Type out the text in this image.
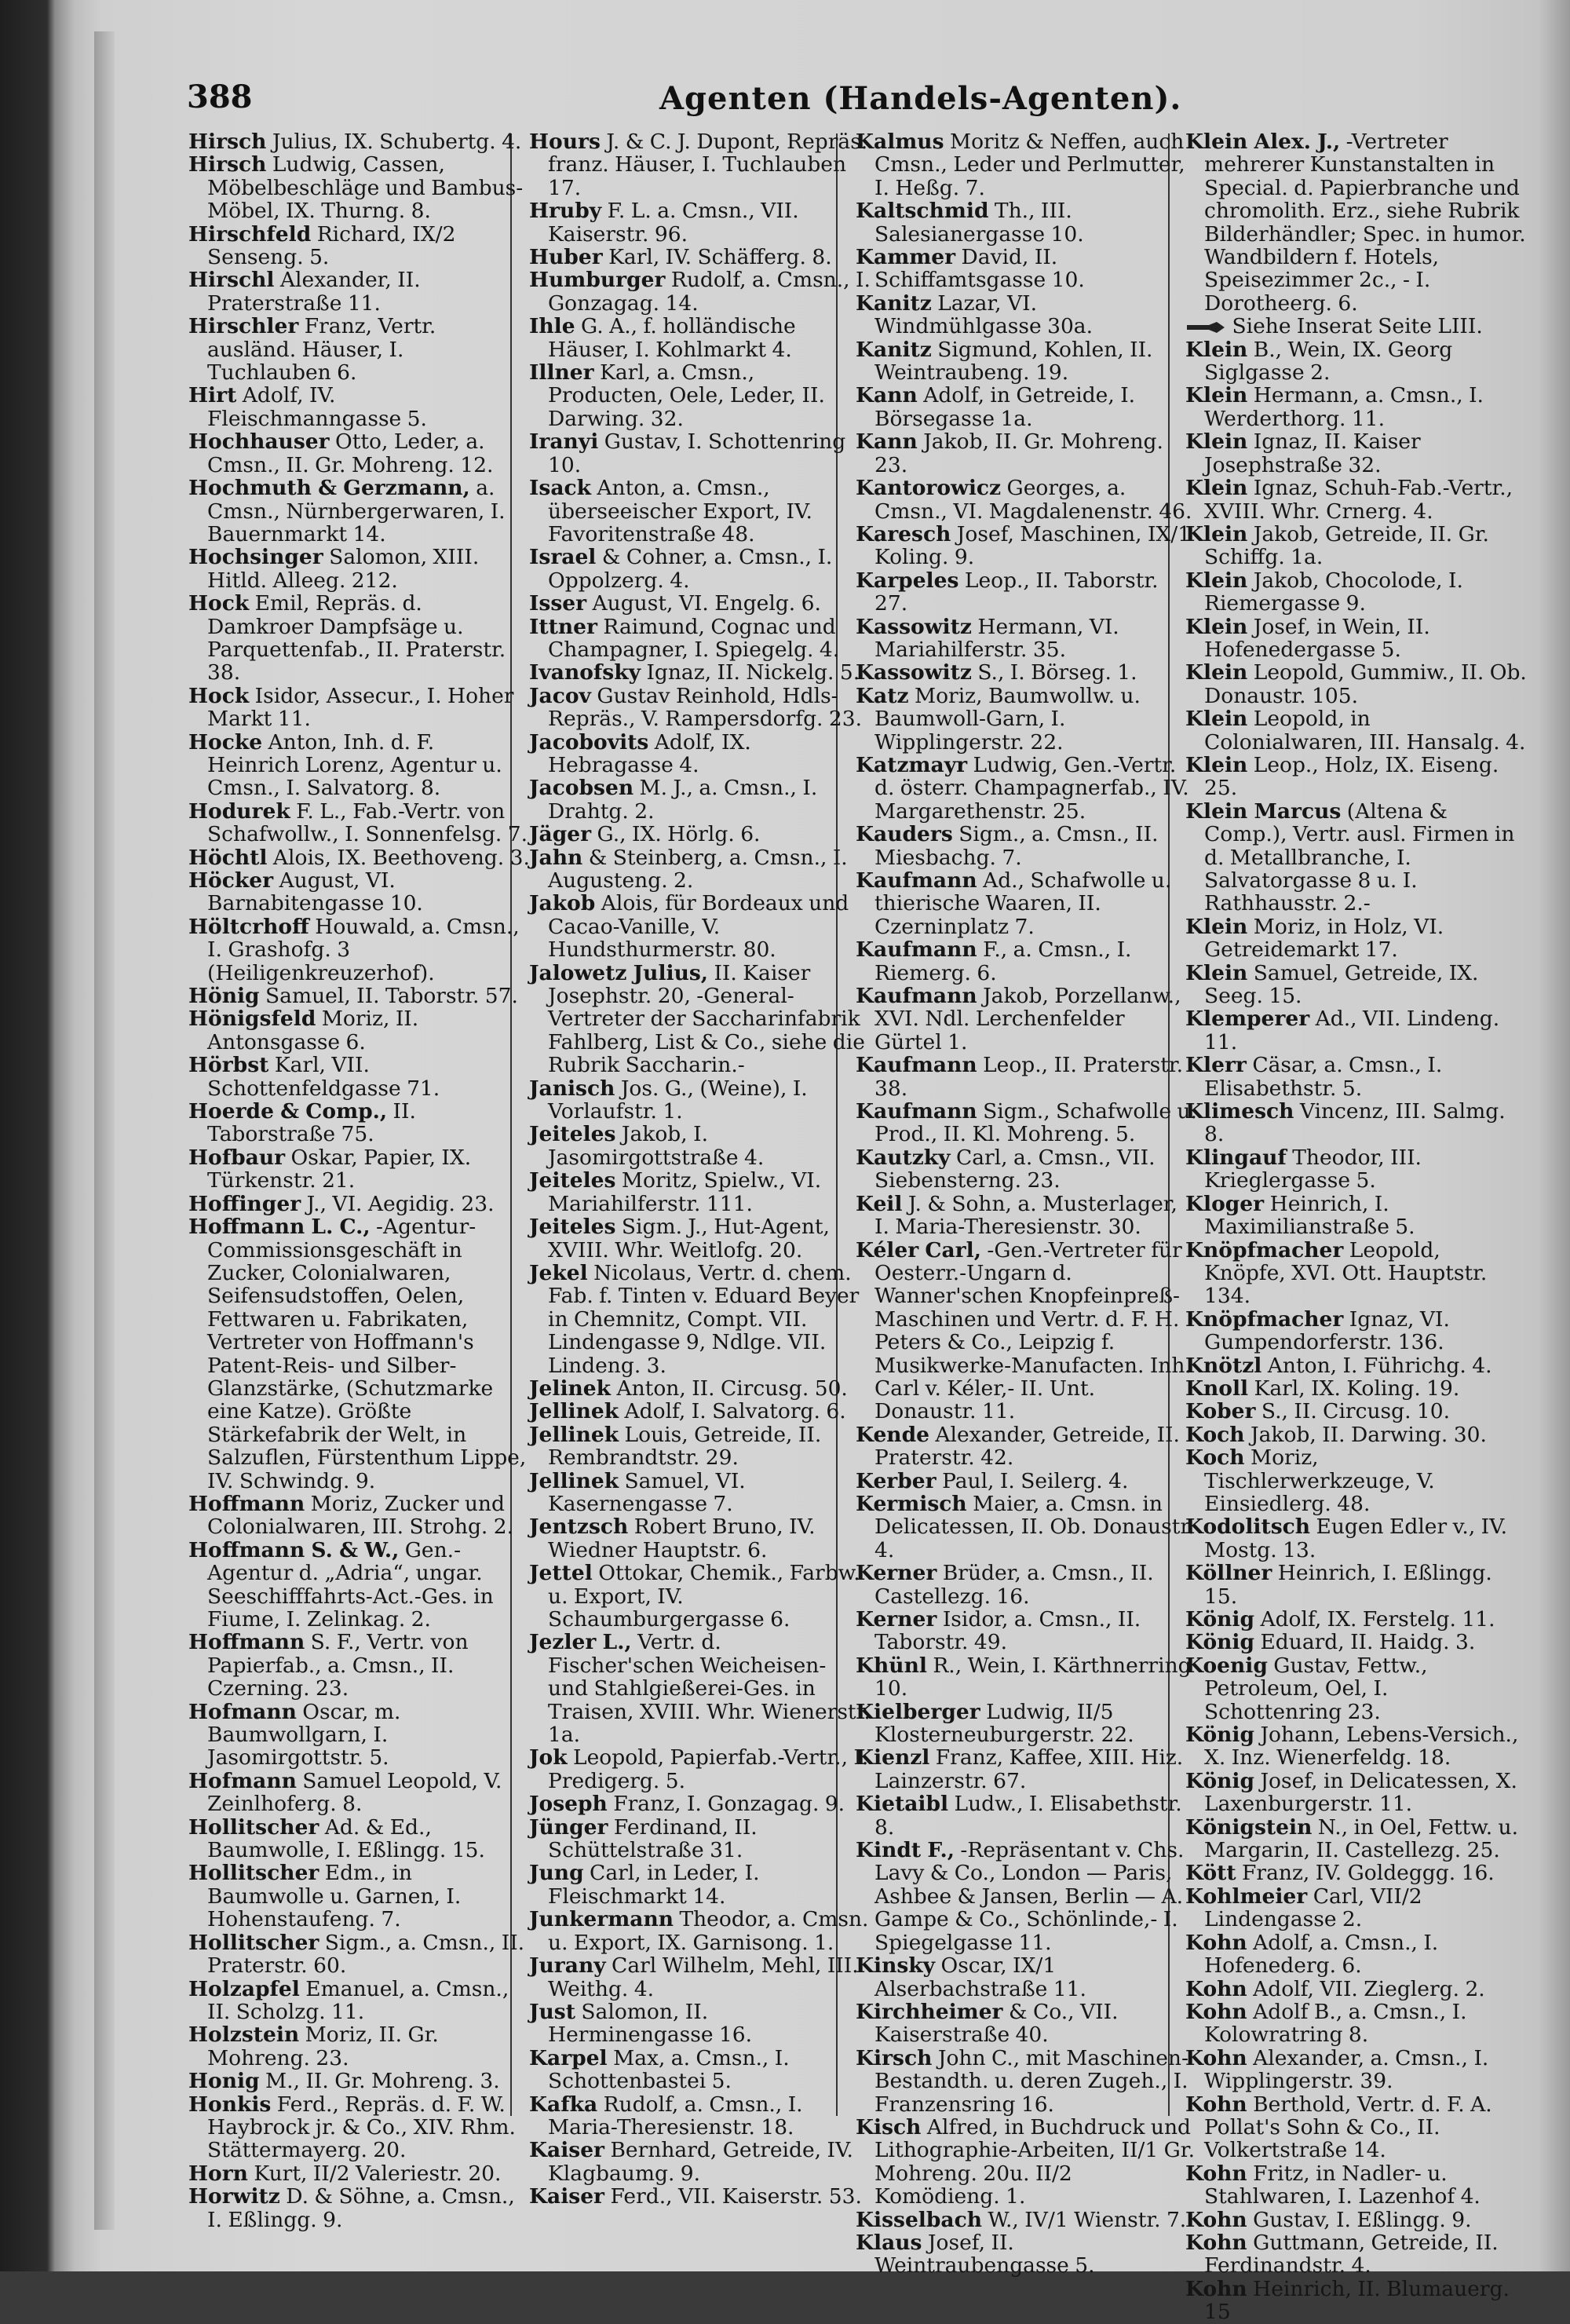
388	Agenten (Handels-Agenten).

Hirsch Julius, IX. Schubertg. 4.

Hirsch Ludwig, Cassen, Möbelbeschläge und Bambus-Möbel, IX. Thurng. 8.

Hirschfeld Richard, IX/2 Senseng. 5.

Hirschl Alexander, II. Praterstraße 11.

Hirschler Franz, Vertr. ausländ. Häuser, I. Tuchlauben 6.

Hirt Adolf, IV. Fleischmanngasse 5.

Hochhauser Otto, Leder, a. Cmsn., II. Gr. Mohreng. 12.

Hochmuth & Gerzmann, a. Cmsn., Nürnbergerwaren, I. Bauernmarkt 14.

Hochsinger Salomon, XIII. Hitld. Alleeg. 212.

Hock Emil, Repräs. d. Damkroer Dampfsäge u. Parquettenfab., II. Praterstr. 38.

Hock Isidor, Assecur., I. Hoher Markt 11.

Hocke Anton, Inh. d. F. Heinrich Lorenz, Agentur u. Cmsn., I. Salvatorg. 8.

Hodurek F. L., Fab.-Vertr. von Schafwollw., I. Sonnenfelsg. 7.

Höchtl Alois, IX. Beethoveng. 3.

Höcker August, VI. Barnabitengasse 10.

Höltcrhoff Houwald, a. Cmsn., I. Grashofg. 3 (Heiligenkreuzerhof).

Hönig Samuel, II. Taborstr. 57.

Hönigsfeld Moriz, II. Antonsgasse 6.

Hörbst Karl, VII. Schottenfeldgasse 71.

Hoerde & Comp., II. Taborstraße 75.

Hofbaur Oskar, Papier, IX. Türkenstr. 21.

Hoffinger J., VI. Aegidig. 23.

Hoffmann L. C., -Agentur-Commissionsgeschäft in Zucker, Colonialwaren, Seifensudstoffen, Oelen, Fettwaren u. Fabrikaten, Vertreter von Hoffmann's Patent-Reis- und Silber-Glanzstärke, (Schutzmarke eine Katze). Größte Stärkefabrik der Welt, in Salzuflen, Fürstenthum Lippe, IV. Schwindg. 9.

Hoffmann Moriz, Zucker und Colonialwaren, III. Strohg. 2.

Hoffmann S. & W., Gen.-Agentur d. „Adria“, ungar. Seeschifffahrts-Act.-Ges. in Fiume, I. Zelinkag. 2.

Hoffmann S. F., Vertr. von Papierfab., a. Cmsn., II. Czerning. 23.

Hofmann Oscar, m. Baumwollgarn, I. Jasomirgottstr. 5.

Hofmann Samuel Leopold, V. Zeinlhoferg. 8.

Hollitscher Ad. & Ed., Baumwolle, I. Eßlingg. 15.

Hollitscher Edm., in Baumwolle u. Garnen, I. Hohenstaufeng. 7.

Hollitscher Sigm., a. Cmsn., II. Praterstr. 60.

Holzapfel Emanuel, a. Cmsn., II. Scholzg. 11.

Holzstein Moriz, II. Gr. Mohreng. 23.

Honig M., II. Gr. Mohreng. 3.

Honkis Ferd., Repräs. d. F. W. Haybrock jr. & Co., XIV. Rhm. Stättermayerg. 20.

Horn Kurt, II/2 Valeriestr. 20.

Horwitz D. & Söhne, a. Cmsn., I. Eßlingg. 9.

Hours J. & C. J. Dupont, Repräs. franz. Häuser, I. Tuchlauben 17.

Hruby F. L. a. Cmsn., VII. Kaiserstr. 96.

Huber Karl, IV. Schäfferg. 8.

Humburger Rudolf, a. Cmsn., I. Gonzagag. 14.

Ihle G. A., f. holländische Häuser, I. Kohlmarkt 4.

Illner Karl, a. Cmsn., Producten, Oele, Leder, II. Darwing. 32.

Iranyi Gustav, I. Schottenring 10.

Isack Anton, a. Cmsn., überseeischer Export, IV. Favoritenstraße 48.

Israel & Cohner, a. Cmsn., I. Oppolzerg. 4.

Isser August, VI. Engelg. 6.

Ittner Raimund, Cognac und Champagner, I. Spiegelg. 4.

Ivanofsky Ignaz, II. Nickelg. 5.

Jacov Gustav Reinhold, Hdls-Repräs., V. Rampersdorfg. 23.

Jacobovits Adolf, IX. Hebragasse 4.

Jacobsen M. J., a. Cmsn., I. Drahtg. 2.

Jäger G., IX. Hörlg. 6.

Jahn & Steinberg, a. Cmsn., I. Augusteng. 2.

Jakob Alois, für Bordeaux und Cacao-Vanille, V. Hundsthurmerstr. 80.

Jalowetz Julius, II. Kaiser Josephstr. 20, -General-Vertreter der Saccharinfabrik Fahlberg, List & Co., siehe die Rubrik Saccharin.-

Janisch Jos. G., (Weine), I. Vorlaufstr. 1.

Jeiteles Jakob, I. Jasomirgottstraße 4.

Jeiteles Moritz, Spielw., VI. Mariahilferstr. 111.

Jeiteles Sigm. J., Hut-Agent, XVIII. Whr. Weitlofg. 20.

Jekel Nicolaus, Vertr. d. chem. Fab. f. Tinten v. Eduard Beyer in Chemnitz, Compt. VII. Lindengasse 9, Ndlge. VII. Lindeng. 3.

Jelinek Anton, II. Circusg. 50.

Jellinek Adolf, I. Salvatorg. 6.

Jellinek Louis, Getreide, II. Rembrandtstr. 29.

Jellinek Samuel, VI. Kasernengasse 7.

Jentzsch Robert Bruno, IV. Wiedner Hauptstr. 6.

Jettel Ottokar, Chemik., Farbw. u. Export, IV. Schaumburgergasse 6.

Jezler L., Vertr. d. Fischer'schen Weicheisen- und Stahlgießerei-Ges. in Traisen, XVIII. Whr. Wienerstr. 1a.

Jok Leopold, Papierfab.-Vertr., I. Predigerg. 5.

Joseph Franz, I. Gonzagag. 9.

Jünger Ferdinand, II. Schüttelstraße 31.

Jung Carl, in Leder, I. Fleischmarkt 14.

Junkermann Theodor, a. Cmsn. u. Export, IX. Garnisong. 1.

Jurany Carl Wilhelm, Mehl, III. Weithg. 4.

Just Salomon, II. Herminengasse 16.

Karpel Max, a. Cmsn., I. Schottenbastei 5.

Kafka Rudolf, a. Cmsn., I. Maria-Theresienstr. 18.

Kaiser Bernhard, Getreide, IV. Klagbaumg. 9.

Kaiser Ferd., VII. Kaiserstr. 53.

Kalmus Moritz & Neffen, auch Cmsn., Leder und Perlmutter, I. Heßg. 7.

Kaltschmid Th., III. Salesianergasse 10.

Kammer David, II. Schiffamtsgasse 10.

Kanitz Lazar, VI. Windmühlgasse 30a.

Kanitz Sigmund, Kohlen, II. Weintraubeng. 19.

Kann Adolf, in Getreide, I. Börsegasse 1a.

Kann Jakob, II. Gr. Mohreng. 23.

Kantorowicz Georges, a. Cmsn., VI. Magdalenenstr. 46.

Karesch Josef, Maschinen, IX/1 Koling. 9.

Karpeles Leop., II. Taborstr. 27.

Kassowitz Hermann, VI. Mariahilferstr. 35.

Kassowitz S., I. Börseg. 1.

Katz Moriz, Baumwollw. u. Baumwoll-Garn, I. Wipplingerstr. 22.

Katzmayr Ludwig, Gen.-Vertr. d. österr. Champagnerfab., IV. Margarethenstr. 25.

Kauders Sigm., a. Cmsn., II. Miesbachg. 7.

Kaufmann Ad., Schafwolle u. thierische Waaren, II. Czerninplatz 7.

Kaufmann F., a. Cmsn., I. Riemerg. 6.

Kaufmann Jakob, Porzellanw., XVI. Ndl. Lerchenfelder Gürtel 1.

Kaufmann Leop., II. Praterstr. 38.

Kaufmann Sigm., Schafwolle u. Prod., II. Kl. Mohreng. 5.

Kautzky Carl, a. Cmsn., VII. Siebensterng. 23.

Keil J. & Sohn, a. Musterlager, I. Maria-Theresienstr. 30.

Kéler Carl, -Gen.-Vertreter für Oesterr.-Ungarn d. Wanner'schen Knopfeinpreß-Maschinen und Vertr. d. F. H. Peters & Co., Leipzig f. Musikwerke-Manufacten. Inh. Carl v. Kéler,- II. Unt. Donaustr. 11.

Kende Alexander, Getreide, II. Praterstr. 42.

Kerber Paul, I. Seilerg. 4.

Kermisch Maier, a. Cmsn. in Delicatessen, II. Ob. Donaustr. 4.

Kerner Brüder, a. Cmsn., II. Castellezg. 16.

Kerner Isidor, a. Cmsn., II. Taborstr. 49.

Khünl R., Wein, I. Kärthnerring 10.

Kielberger Ludwig, II/5 Klosterneuburgerstr. 22.

Kienzl Franz, Kaffee, XIII. Hiz. Lainzerstr. 67.

Kietaibl Ludw., I. Elisabethstr. 8.

Kindt F., -Repräsentant v. Chs. Lavy & Co., London — Paris, Ashbee & Jansen, Berlin — A. Gampe & Co., Schönlinde,- I. Spiegelgasse 11.

Kinsky Oscar, IX/1 Alserbachstraße 11.

Kirchheimer & Co., VII. Kaiserstraße 40.

Kirsch John C., mit Maschinen-Bestandth. u. deren Zugeh., I. Franzensring 16.

Kisch Alfred, in Buchdruck und Lithographie-Arbeiten, II/1 Gr. Mohreng. 20u. II/2 Komödieng. 1.

Kisselbach W., IV/1 Wienstr. 7.

Klaus Josef, II. Weintraubengasse 5.

Klein Alex. J., -Vertreter mehrerer Kunstanstalten in Special. d. Papierbranche und chromolith. Erz., siehe Rubrik Bilderhändler; Spec. in humor. Wandbildern f. Hotels, Speisezimmer 2c., - I. Dorotheerg. 6.

Siehe Inserat Seite LIII.

Klein B., Wein, IX. Georg Siglgasse 2.

Klein Hermann, a. Cmsn., I. Werderthorg. 11.

Klein Ignaz, II. Kaiser Josephstraße 32.

Klein Ignaz, Schuh-Fab.-Vertr., XVIII. Whr. Crnerg. 4.

Klein Jakob, Getreide, II. Gr. Schiffg. 1a.

Klein Jakob, Chocolode, I. Riemergasse 9.

Klein Josef, in Wein, II. Hofenedergasse 5.

Klein Leopold, Gummiw., II. Ob. Donaustr. 105.

Klein Leopold, in Colonialwaren, III. Hansalg. 4.

Klein Leop., Holz, IX. Eiseng. 25.

Klein Marcus (Altena & Comp.), Vertr. ausl. Firmen in d. Metallbranche, I. Salvatorgasse 8 u. I. Rathhausstr. 2.-

Klein Moriz, in Holz, VI. Getreidemarkt 17.

Klein Samuel, Getreide, IX. Seeg. 15.

Klemperer Ad., VII. Lindeng. 11.

Klerr Cäsar, a. Cmsn., I. Elisabethstr. 5.

Klimesch Vincenz, III. Salmg. 8.

Klingauf Theodor, III. Krieglergasse 5.

Kloger Heinrich, I. Maximilianstraße 5.

Knöpfmacher Leopold, Knöpfe, XVI. Ott. Hauptstr. 134.

Knöpfmacher Ignaz, VI. Gumpendorferstr. 136.

Knötzl Anton, I. Führichg. 4.

Knoll Karl, IX. Koling. 19.

Kober S., II. Circusg. 10.

Koch Jakob, II. Darwing. 30.

Koch Moriz, Tischlerwerkzeuge, V. Einsiedlerg. 48.

Kodolitsch Eugen Edler v., IV. Mostg. 13.

Köllner Heinrich, I. Eßlingg. 15.

König Adolf, IX. Ferstelg. 11.

König Eduard, II. Haidg. 3.

Koenig Gustav, Fettw., Petroleum, Oel, I. Schottenring 23.

König Johann, Lebens-Versich., X. Inz. Wienerfeldg. 18.

König Josef, in Delicatessen, X. Laxenburgerstr. 11.

Königstein N., in Oel, Fettw. u. Margarin, II. Castellezg. 25.

Kött Franz, IV. Goldeggg. 16.

Kohlmeier Carl, VII/2 Lindengasse 2.

Kohn Adolf, a. Cmsn., I. Hofenederg. 6.

Kohn Adolf, VII. Zieglerg. 2.

Kohn Adolf B., a. Cmsn., I. Kolowratring 8.

Kohn Alexander, a. Cmsn., I. Wipplingerstr. 39.

Kohn Berthold, Vertr. d. F. A. Pollat's Sohn & Co., II. Volkertstraße 14.

Kohn Fritz, in Nadler- u. Stahlwaren, I. Lazenhof 4.

Kohn Gustav, I. Eßlingg. 9.

Kohn Guttmann, Getreide, II. Ferdinandstr. 4.

Kohn Heinrich, II. Blumauerg. 15
